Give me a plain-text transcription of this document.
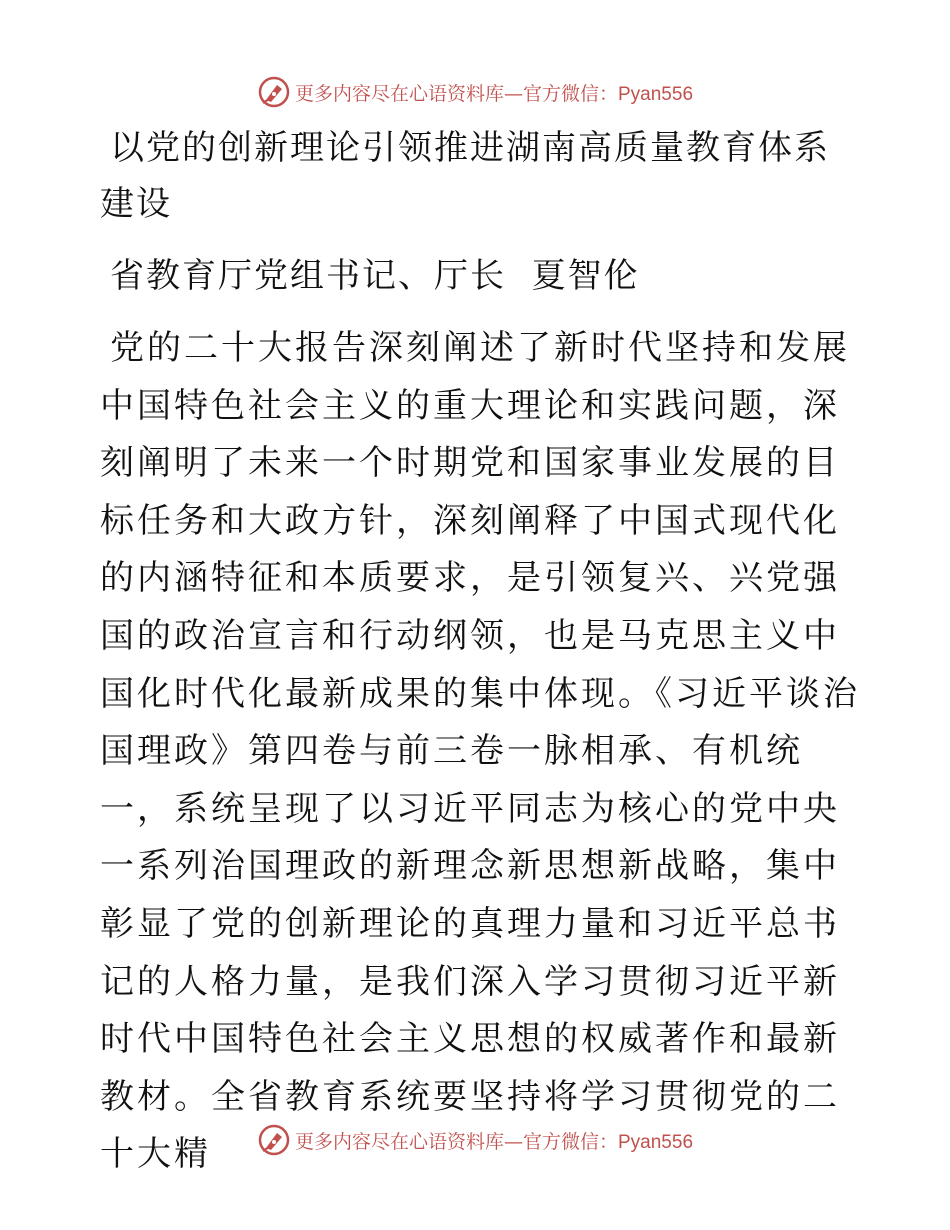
更多内容尽在心语资料库—官方微信：Pyan556
以党的创新理论引领推进湖南高质量教育体系建设

省教育厅党组书记、厅长  夏智伦

党的二十大报告深刻阐述了新时代坚持和发展中国特色社会主义的重大理论和实践问题，深刻阐明了未来一个时期党和国家事业发展的目标任务和大政方针，深刻阐释了中国式现代化的内涵特征和本质要求，是引领复兴、兴党强国的政治宣言和行动纲领，也是马克思主义中国化时代化最新成果的集中体现。《习近平谈治国理政》第四卷与前三卷一脉相承、有机统一，系统呈现了以习近平同志为核心的党中央一系列治国理政的新理念新思想新战略，集中彰显了党的创新理论的真理力量和习近平总书记的人格力量，是我们深入学习贯彻习近平新时代中国特色社会主义思想的权威著作和最新教材。全省教育系统要坚持将学习贯彻党的二十大精	更多内容尽在心语资料库—官方微信：Pyan556
